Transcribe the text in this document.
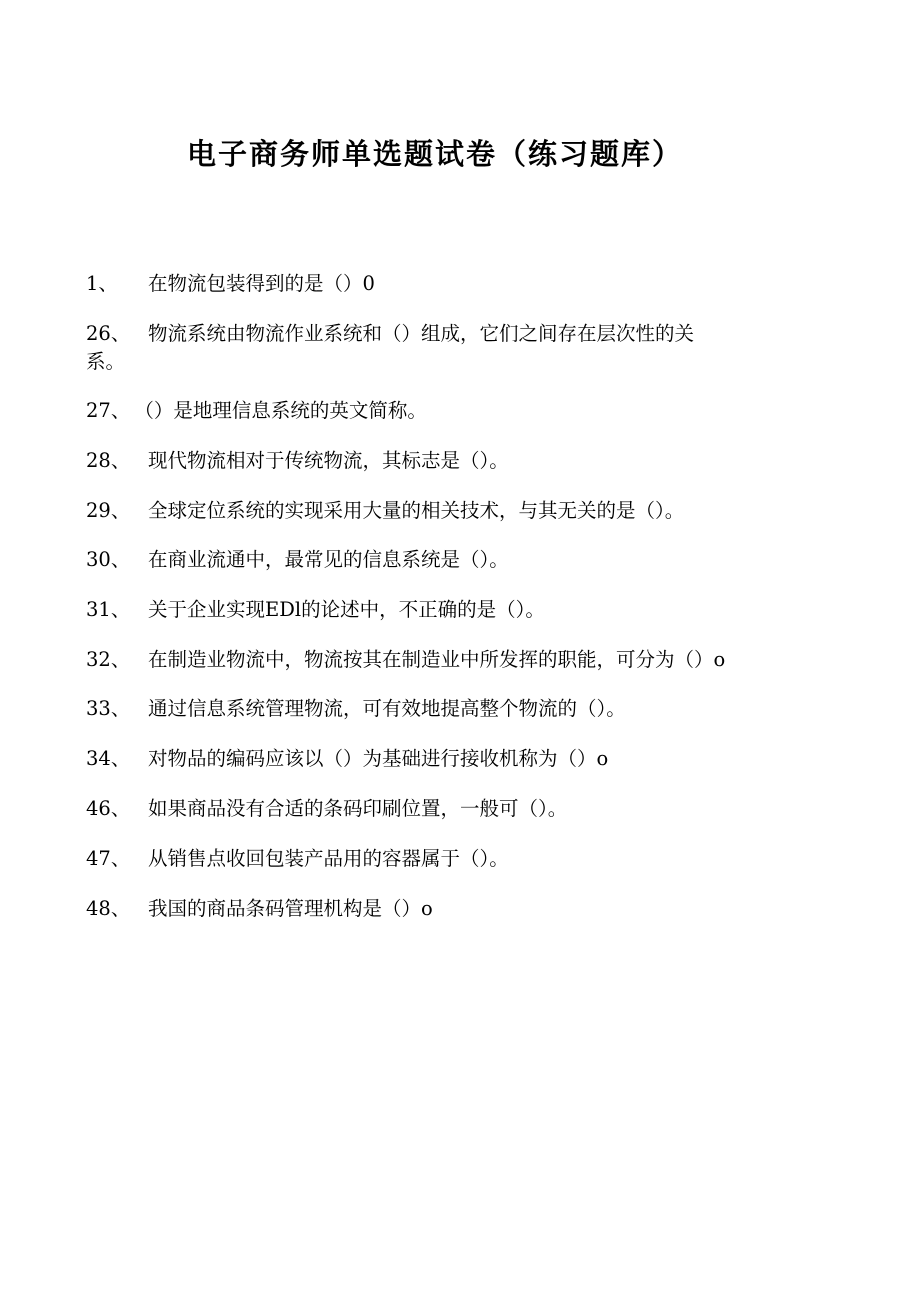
电子商务师单选题试卷（练习题库）
1、 在物流包装得到的是（）0
26、 物流系统由物流作业系统和（）组成，它们之间存在层次性的关
系。
27、 （）是地理信息系统的英文简称。
28、 现代物流相对于传统物流，其标志是（）。
29、 全球定位系统的实现采用大量的相关技术，与其无关的是（）。
30、 在商业流通中，最常见的信息系统是（）。
31、 关于企业实现EDl的论述中，不正确的是（）。
32、 在制造业物流中，物流按其在制造业中所发挥的职能，可分为（）o
33、 通过信息系统管理物流，可有效地提高整个物流的（）。
34、 对物品的编码应该以（）为基础进行接收机称为（）o
46、 如果商品没有合适的条码印刷位置，一般可（）。
47、 从销售点收回包装产品用的容器属于（）。
48、 我国的商品条码管理机构是（）o
